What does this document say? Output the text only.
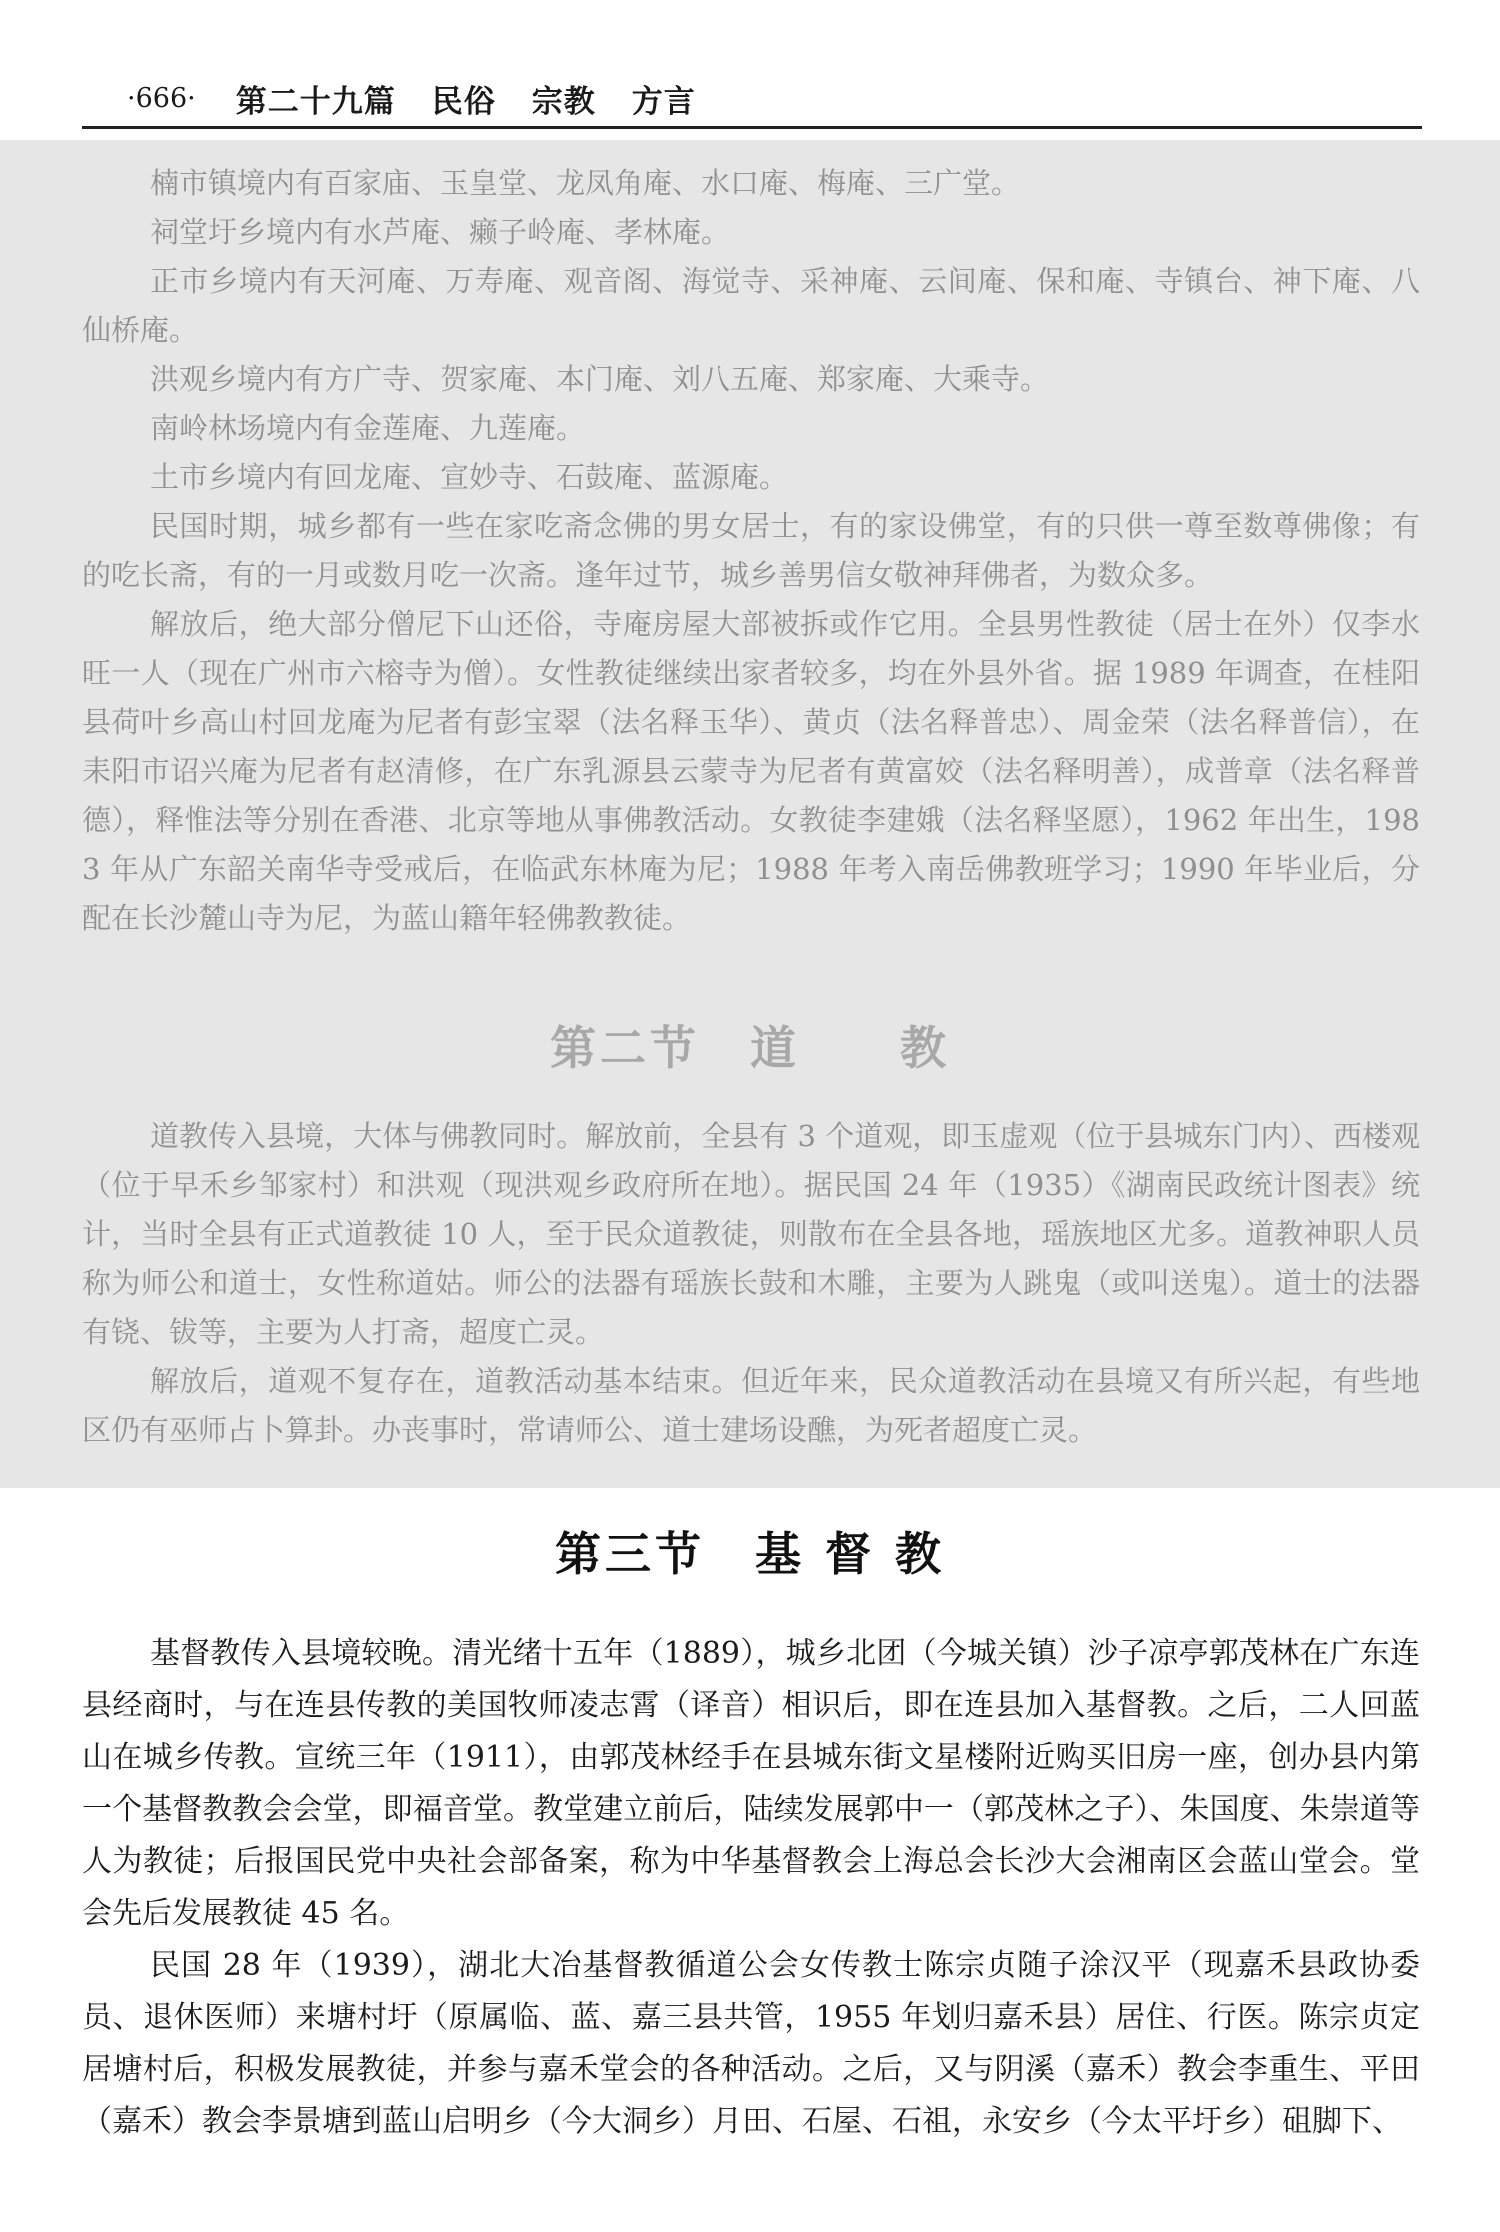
·666· 第二十九篇 民俗 宗教 方言

楠市镇境内有百家庙、玉皇堂、龙凤角庵、水口庵、梅庵、三广堂。

祠堂圩乡境内有水芦庵、癞子岭庵、孝林庵。

正市乡境内有天河庵、万寿庵、观音阁、海觉寺、采神庵、云间庵、保和庵、寺镇台、神下庵、八仙桥庵。

洪观乡境内有方广寺、贺家庵、本门庵、刘八五庵、郑家庵、大乘寺。

南岭林场境内有金莲庵、九莲庵。

土市乡境内有回龙庵、宣妙寺、石鼓庵、蓝源庵。

民国时期，城乡都有一些在家吃斋念佛的男女居士，有的家设佛堂，有的只供一尊至数尊佛像；有的吃长斋，有的一月或数月吃一次斋。逢年过节，城乡善男信女敬神拜佛者，为数众多。

解放后，绝大部分僧尼下山还俗，寺庵房屋大部被拆或作它用。全县男性教徒（居士在外）仅李水旺一人（现在广州市六榕寺为僧）。女性教徒继续出家者较多，均在外县外省。据 1989 年调查，在桂阳县荷叶乡高山村回龙庵为尼者有彭宝翠（法名释玉华）、黄贞（法名释普忠）、周金荣（法名释普信），在耒阳市诏兴庵为尼者有赵清修，在广东乳源县云蒙寺为尼者有黄富姣（法名释明善），成普章（法名释普德），释惟法等分别在香港、北京等地从事佛教活动。女教徒李建娥（法名释坚愿），1962 年出生，1983 年从广东韶关南华寺受戒后，在临武东林庵为尼；1988 年考入南岳佛教班学习；1990 年毕业后，分配在长沙麓山寺为尼，为蓝山籍年轻佛教教徒。

道教传入县境，大体与佛教同时。解放前，全县有 3 个道观，即玉虚观（位于县城东门内）、西楼观（位于早禾乡邹家村）和洪观（现洪观乡政府所在地）。据民国 24 年（1935）《湖南民政统计图表》统计，当时全县有正式道教徒 10 人，至于民众道教徒，则散布在全县各地，瑶族地区尤多。道教神职人员称为师公和道士，女性称道姑。师公的法器有瑶族长鼓和木雕，主要为人跳鬼（或叫送鬼）。道士的法器有铙、钹等，主要为人打斋，超度亡灵。

解放后，道观不复存在，道教活动基本结束。但近年来，民众道教活动在县境又有所兴起，有些地区仍有巫师占卜算卦。办丧事时，常请师公、道士建场设醮，为死者超度亡灵。

第二节　道　　教
第三节　基 督 教

基督教传入县境较晚。清光绪十五年（1889），城乡北团（今城关镇）沙子凉亭郭茂林在广东连县经商时，与在连县传教的美国牧师凌志霄（译音）相识后，即在连县加入基督教。之后，二人回蓝山在城乡传教。宣统三年（1911），由郭茂林经手在县城东街文星楼附近购买旧房一座，创办县内第一个基督教教会会堂，即福音堂。教堂建立前后，陆续发展郭中一（郭茂林之子）、朱国度、朱崇道等人为教徒；后报国民党中央社会部备案，称为中华基督教会上海总会长沙大会湘南区会蓝山堂会。堂会先后发展教徒 45 名。

民国 28 年（1939），湖北大冶基督教循道公会女传教士陈宗贞随子涂汉平（现嘉禾县政协委员、退休医师）来塘村圩（原属临、蓝、嘉三县共管，1955 年划归嘉禾县）居住、行医。陈宗贞定居塘村后，积极发展教徒，并参与嘉禾堂会的各种活动。之后，又与阴溪（嘉禾）教会李重生、平田（嘉禾）教会李景塘到蓝山启明乡（今大洞乡）月田、石屋、石祖，永安乡（今太平圩乡）砠脚下、
